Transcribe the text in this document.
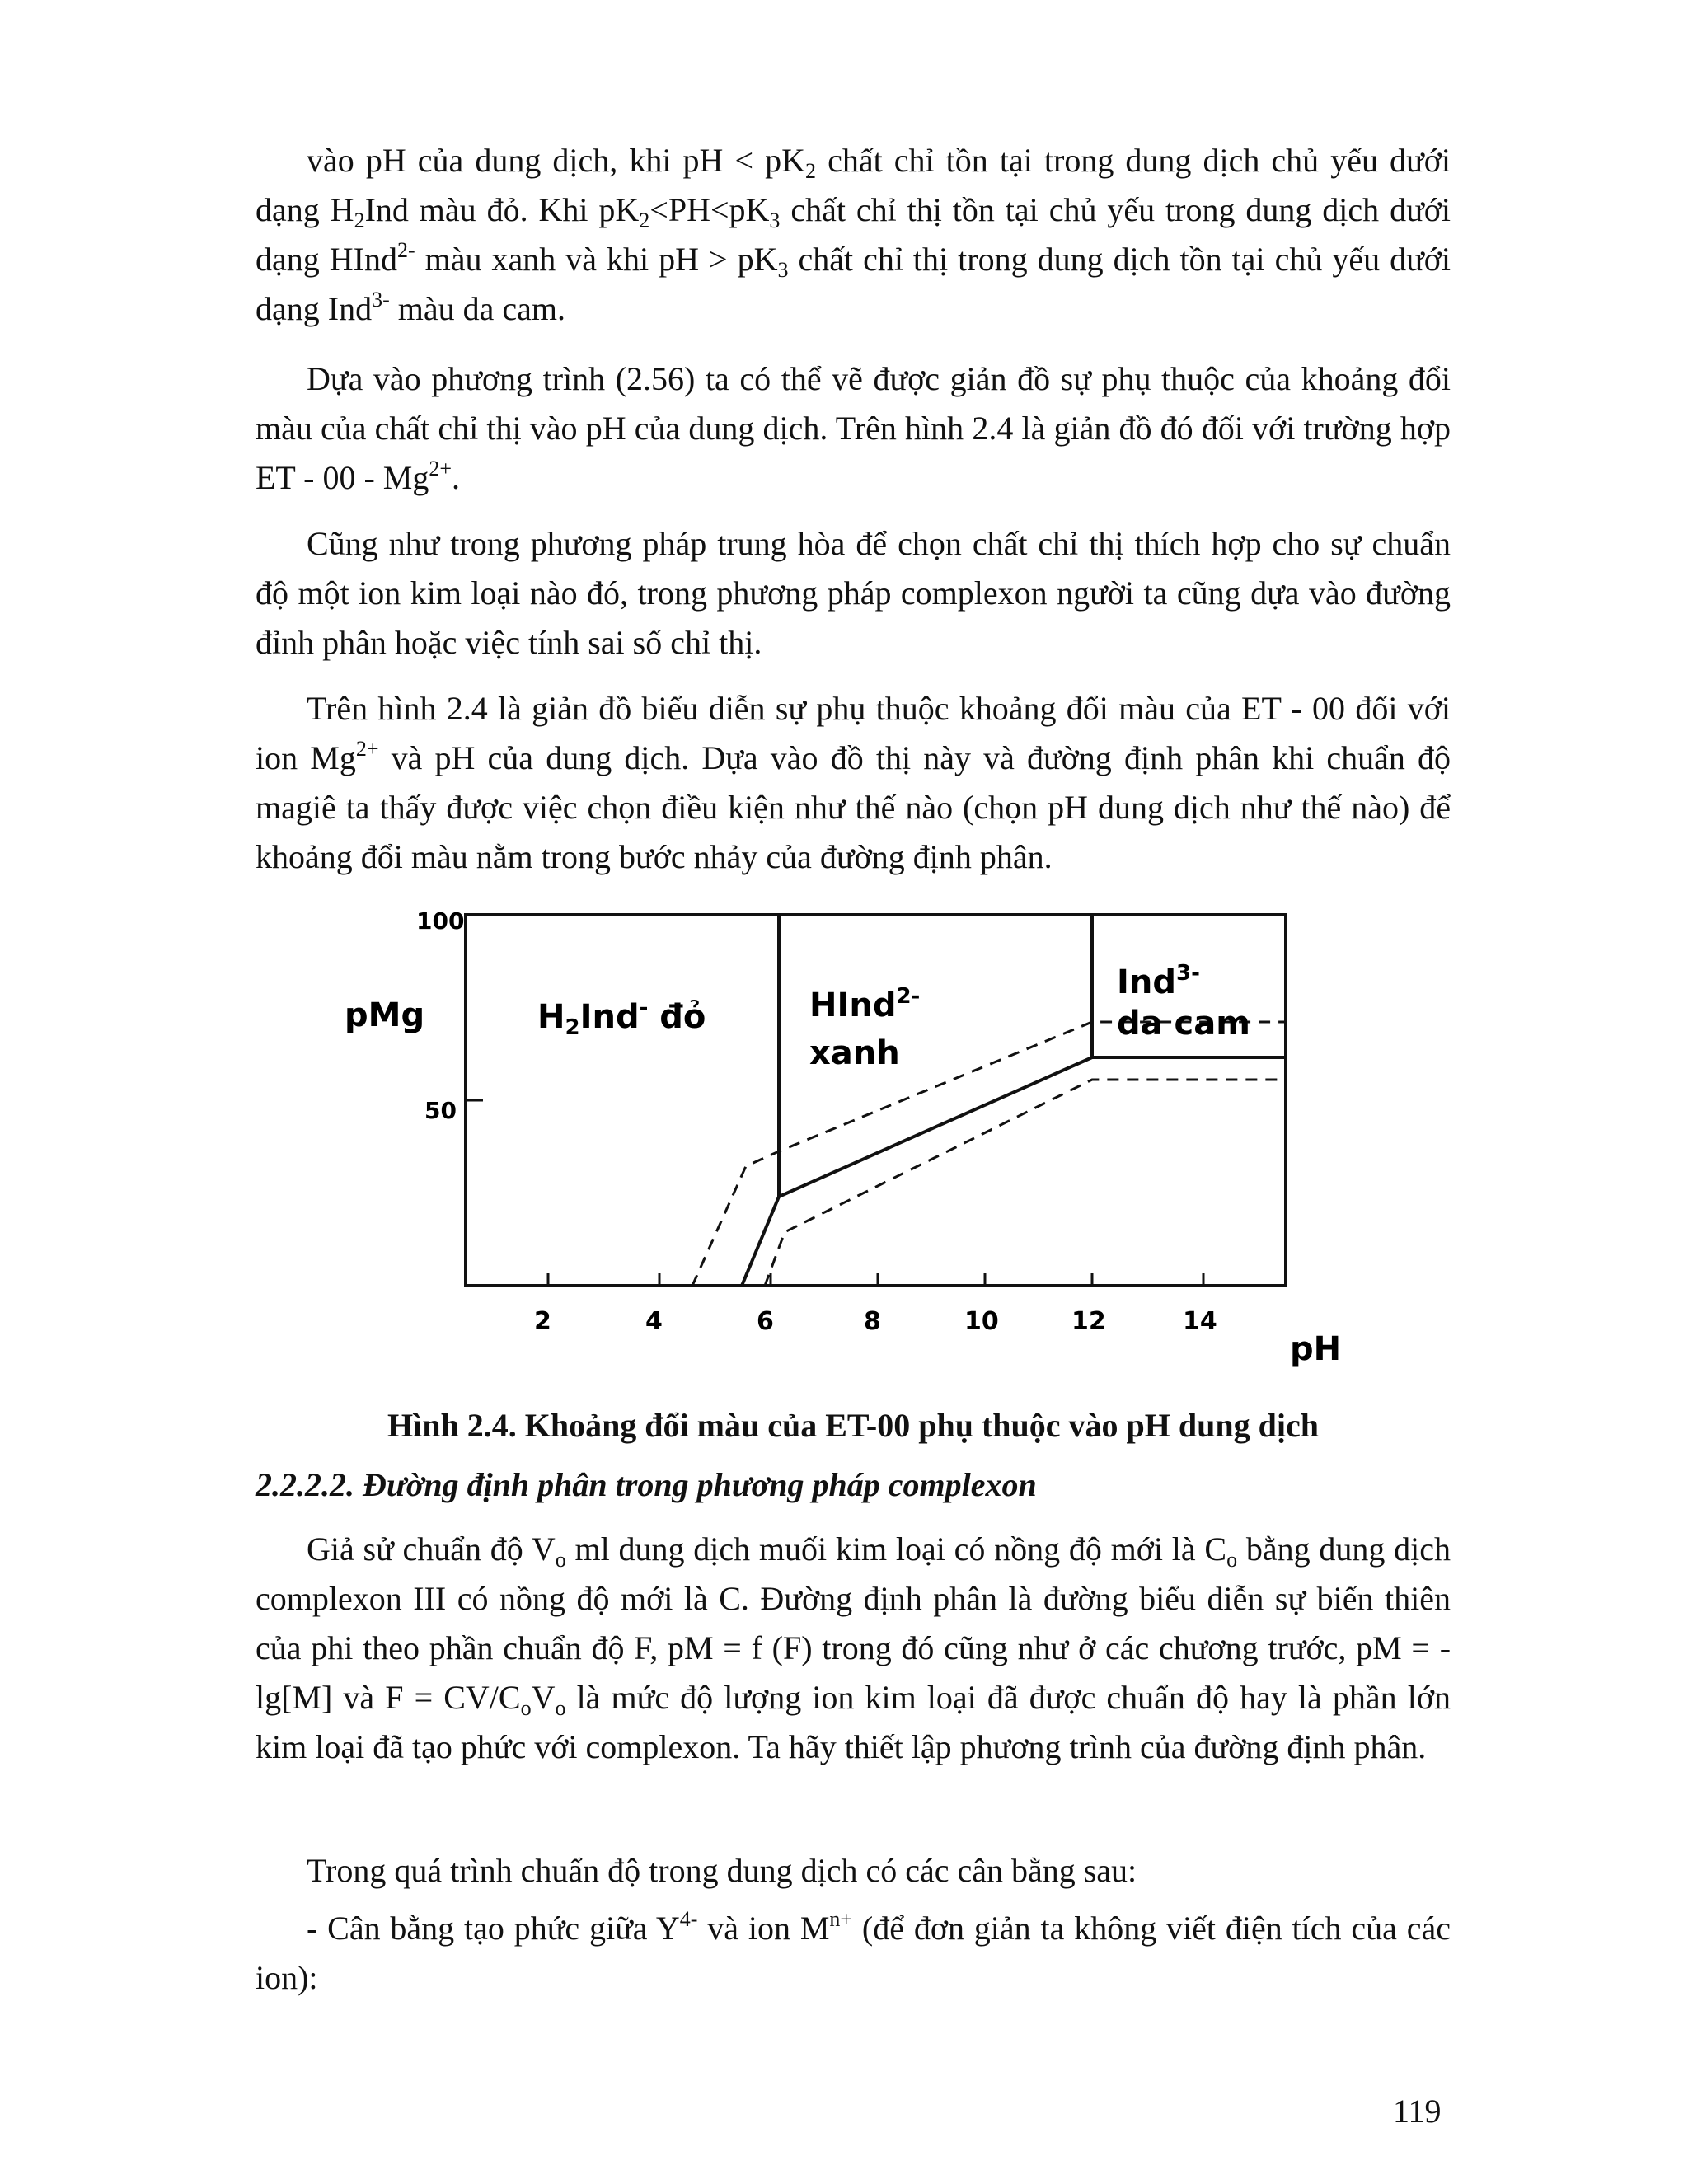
vào pH của dung dịch, khi pH < $pK_2$ chất chỉ tồn tại trong dung dịch chủ yếu dưới dạng $H_2Ind$ màu đỏ. Khi $pK_2<PH<pK_3$ chất chỉ thị tồn tại chủ yếu trong dung dịch dưới dạng HInd$^{2-}$ màu xanh và khi pH > $pK_3$ chất chỉ thị trong dung dịch tồn tại chủ yếu dưới dạng Ind$^{3-}$ màu da cam.

Dựa vào phương trình (2.56) ta có thể vẽ được giản đồ sự phụ thuộc của khoảng đổi màu của chất chỉ thị vào pH của dung dịch. Trên hình 2.4 là giản đồ đó đối với trường hợp ET - $00 - Mg^{2+}$.

Cũng như trong phương pháp trung hòa để chọn chất chỉ thị thích hợp cho sự chuẩn độ một ion kim loại nào đó, trong phương pháp complexon người ta cũng dựa vào đường đỉnh phân hoặc việc tính sai số chỉ thị.

Trên hình 2.4 là giản đồ biểu diễn sự phụ thuộc khoảng đổi màu của ET - 00 đối với ion $Mg^{2+}$ và pH của dung dịch. Dựa vào đồ thị này và đường định phân khi chuẩn độ magiê ta thấy được việc chọn điều kiện như thế nào (chọn pH dung dịch như thế nào) để khoảng đổi màu nằm trong bước nhảy của đường định phân.

Giả sử chuẩn độ $V_o$ ml dung dịch muối kim loại có nồng độ mới là $C_o$ bằng dung dịch complexon III có nồng độ mới là C. Đường định phân là đường biểu diễn sự biến thiên của phi theo phần chuẩn độ F, pM = f (F) trong đó cũng như ở các chương trước, pM = -lg[M] và $F = CV/C_oV_o$ là mức độ lượng ion kim loại đã được chuẩn độ hay là phần lớn kim loại đã tạo phức với complexon. Ta hãy thiết lập phương trình của đường định phân.

Trong quá trình chuẩn độ trong dung dịch có các cân bằng sau:

- Cân bằng tạo phức giữa $Y^{4-}$ và ion $M^{n+}$ (để đơn giản ta không viết điện tích của các ion):

100
50
pMg
pH
2	4	6	8	10	12	14
$H_2Ind^-$ đỏ	HInd$^{2-}$
xanh
Ind$^{3-}$
da cam

Hình 2.4. Khoảng đổi màu của ET-00 phụ thuộc vào pH dung dịch

2.2.2.2. Đường định phân trong phương pháp complexon

119
